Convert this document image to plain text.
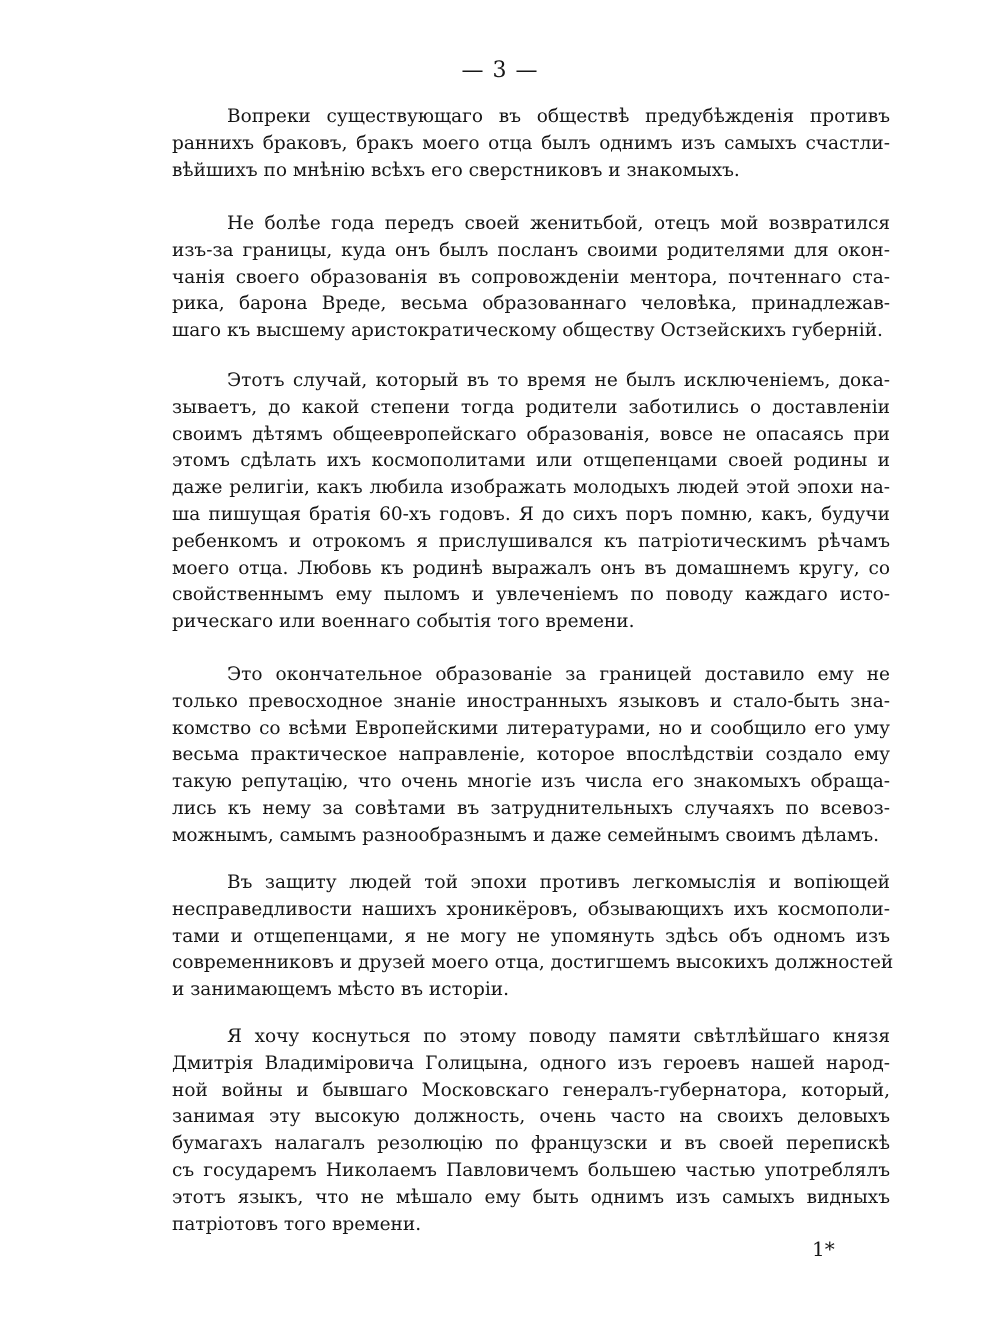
— 3 —
Вопреки существующаго въ обществѣ предубѣжденія противъ
раннихъ браковъ, бракъ моего отца былъ однимъ изъ самыхъ счастли-
вѣйшихъ по мнѣнію всѣхъ его сверстниковъ и знакомыхъ.
Не болѣе года передъ своей женитьбой, отецъ мой возвратился
изъ-за границы, куда онъ былъ посланъ своими родителями для окон-
чанія своего образованія въ сопровожденіи ментора, почтеннаго ста-
рика, барона Вреде, весьма образованнаго человѣка, принадлежав-
шаго къ высшему аристократическому обществу Остзейскихъ губерній.
Этотъ случай, который въ то время не былъ исключеніемъ, дока-
зываетъ, до какой степени тогда родители заботились о доставленіи
своимъ дѣтямъ общеевропейскаго образованія, вовсе не опасаясь при
этомъ сдѣлать ихъ космополитами или отщепенцами своей родины и
даже религіи, какъ любила изображать молодыхъ людей этой эпохи на-
ша пишущая братія 60-хъ годовъ. Я до сихъ поръ помню, какъ, будучи
ребенкомъ и отрокомъ я прислушивался къ патріотическимъ рѣчамъ
моего отца. Любовь къ родинѣ выражалъ онъ въ домашнемъ кругу, со
свойственнымъ ему пыломъ и увлеченіемъ по поводу каждаго исто-
рическаго или военнаго событія того времени.
Это окончательное образованіе за границей доставило ему не
только превосходное знаніе иностранныхъ языковъ и стало-быть зна-
комство со всѣми Европейскими литературами, но и сообщило его уму
весьма практическое направленіе, которое впослѣдствіи создало ему
такую репутацію, что очень многіе изъ числа его знакомыхъ обраща-
лись къ нему за совѣтами въ затруднительныхъ случаяхъ по всевоз-
можнымъ, самымъ разнообразнымъ и даже семейнымъ своимъ дѣламъ.
Въ защиту людей той эпохи противъ легкомыслія и вопіющей
несправедливости нашихъ хроникёровъ, обзывающихъ ихъ космополи-
тами и отщепенцами, я не могу не упомянуть здѣсь объ одномъ изъ
современниковъ и друзей моего отца, достигшемъ высокихъ должностей
и занимающемъ мѣсто въ исторіи.
Я хочу коснуться по этому поводу памяти свѣтлѣйшаго князя
Дмитрія Владиміровича Голицына, одного изъ героевъ нашей народ-
ной войны и бывшаго Московскаго генералъ-губернатора, который,
занимая эту высокую должность, очень часто на своихъ деловыхъ
бумагахъ налагалъ резолюцію по французски и въ своей перепискѣ
съ государемъ Николаемъ Павловичемъ большею частью употреблялъ
этотъ языкъ, что не мѣшало ему быть однимъ изъ самыхъ видныхъ
патріотовъ того времени.
1*
